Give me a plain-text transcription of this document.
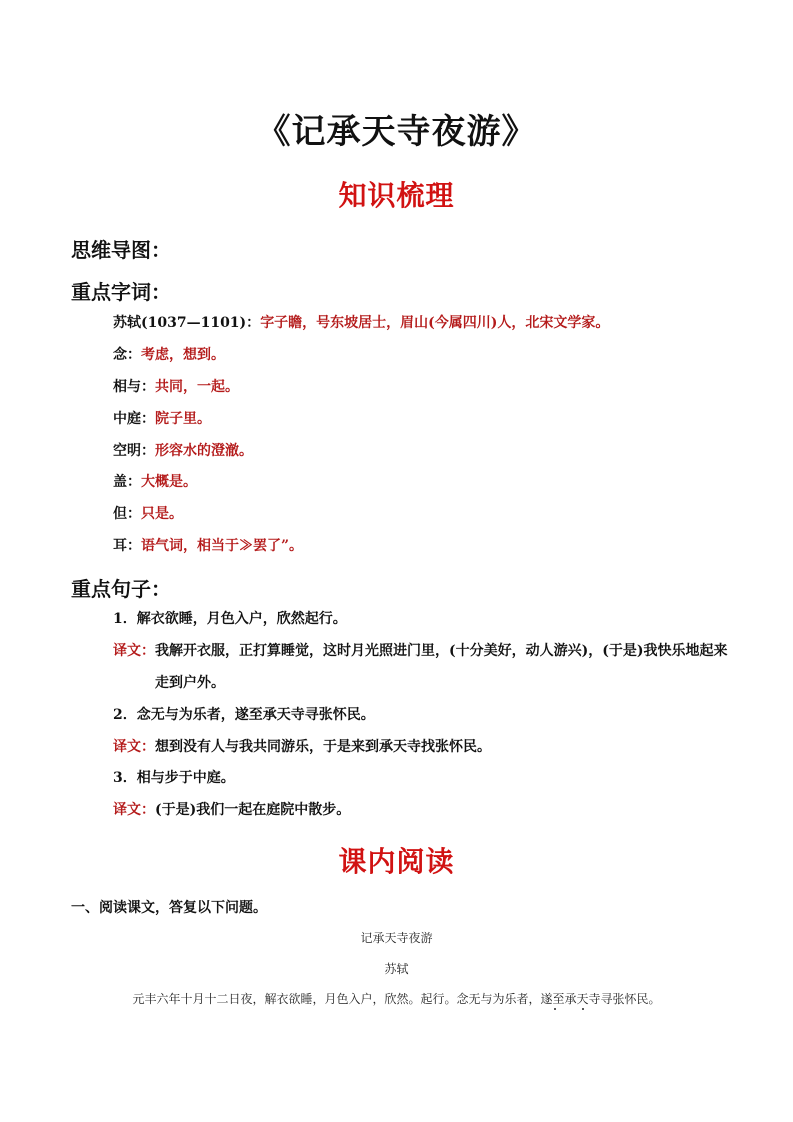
《记承天寺夜游》
知识梳理
思维导图：
重点字词：
苏轼(1037—1101)：字子瞻，号东坡居士，眉山(今属四川)人，北宋文学家。
念：考虑，想到。
相与：共同，一起。
中庭：院子里。
空明：形容水的澄澈。
盖：大概是。
但：只是。
耳：语气词，相当于≫罢了”。
重点句子：
1．解衣欲睡，月色入户，欣然起行。
译文：我解开衣服，正打算睡觉，这时月光照进门里，(十分美好，动人游兴)，(于是)我快乐地起来
走到户外。
2．念无与为乐者，遂至承天寺寻张怀民。
译文：想到没有人与我共同游乐，于是来到承天寺找张怀民。
3．相与步于中庭。
译文：(于是)我们一起在庭院中散步。
课内阅读
一、阅读课文，答复以下问题。
记承天寺夜游
苏轼
元丰六年十月十二日夜，解衣欲睡，月色入户，欣然。起行。念无与为乐者，遂至承天寺寻张怀民。
